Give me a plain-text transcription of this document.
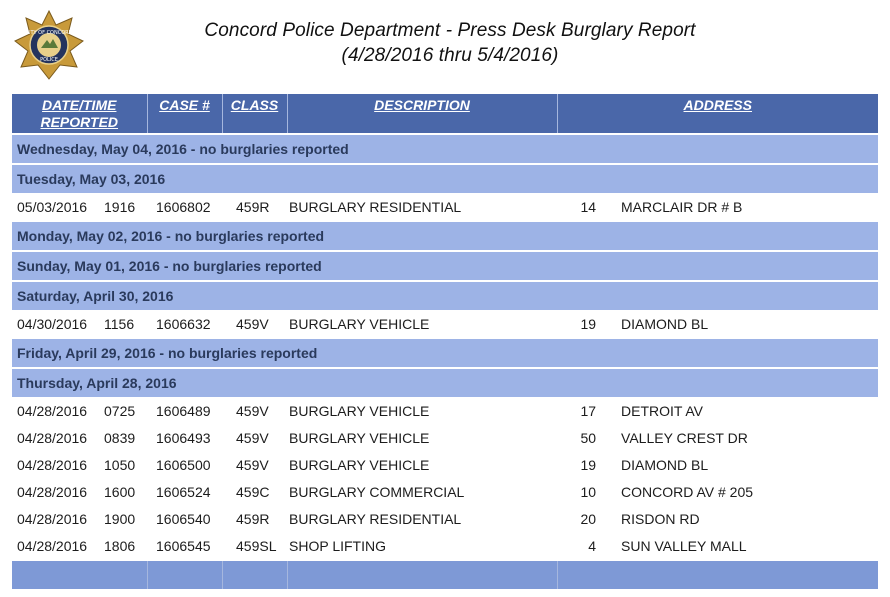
CITY OF CONCORD
POLICE
Concord Police Department - Press Desk Burglary Report
(4/28/2016 thru 5/4/2016)
DATE/TIME
REPORTED		CASE #	CLASS	DESCRIPTION	ADDRESS	
Wednesday, May 04, 2016 - no burglaries reported						
Tuesday, May 03, 2016						
05/03/2016	1916	1606802	459R	BURGLARY RESIDENTIAL	14	MARCLAIR DR # B
Monday, May 02, 2016 - no burglaries reported						
Sunday, May 01, 2016 - no burglaries reported						
Saturday, April 30, 2016						
04/30/2016	1156	1606632	459V	BURGLARY VEHICLE	19	DIAMOND BL
Friday, April 29, 2016 - no burglaries reported						
Thursday, April 28, 2016						
04/28/2016	0725	1606489	459V	BURGLARY VEHICLE	17	DETROIT AV
04/28/2016	0839	1606493	459V	BURGLARY VEHICLE	50	VALLEY CREST DR
04/28/2016	1050	1606500	459V	BURGLARY VEHICLE	19	DIAMOND BL
04/28/2016	1600	1606524	459C	BURGLARY COMMERCIAL	10	CONCORD AV # 205
04/28/2016	1900	1606540	459R	BURGLARY RESIDENTIAL	20	RISDON RD
04/28/2016	1806	1606545	459SL	SHOP LIFTING	4	SUN VALLEY MALL
